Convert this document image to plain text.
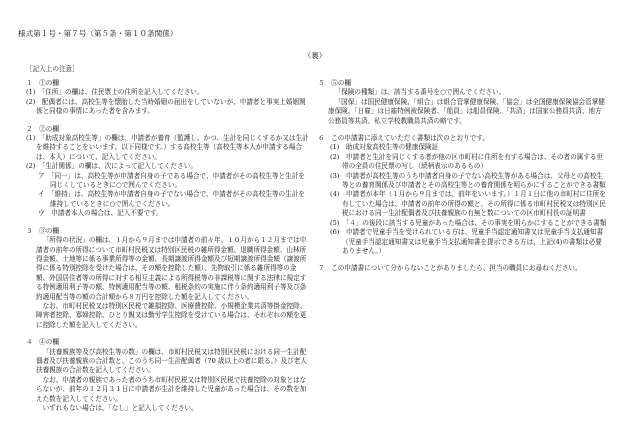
様式第１号・第７号（第５条・第１０条関係）
（裏）
［記入上の注意］
１　①の欄
(1)　「住所」の欄は、住民票上の住所を記入してください。
(2)　配偶者には、高校生等を懐胎した当時婚姻の届出をしていないが、申請者と事実上婚姻関係と同様の事情にあった者を含みます。
２　②の欄
(1)　「助成対象高校生等」の欄は、申請者が養育（監護し、かつ、生計を同じくするか又は生計を維持することをいいます。以下同様です。）する高校生等（高校生等本人が申請する場合は、本人）について、記入してください。
(2)　「生計関係」の欄は、次によって記入してください。
ア　「同一」は、高校生等が申請者自身の子である場合で、申請者がその高校生等と生計を同じくしているときに○で囲んでください。
イ　「維持」は、高校生等が申請者自身の子でない場合で、申請者がその高校生等の生計を維持しているときに○で囲んでください。
ウ　申請者本人の場合は、記入不要です。
３　③の欄
「所得の状況」の欄は、１月から９月までは申請者の前々年、１０月から１２月までは申請者の前年の所得について市町村民税又は特別区民税の雑所得金額、退職所得金額、山林所得金額、土地等に係る事業所得等の金額、長期譲渡所得金額及び短期譲渡所得金額（譲渡所得に係る特別控除を受けた場合は、その額を控除した額）、先物取引に係る雑所得等の金額、外国居住者等の所得に対する相互主義による所得税等の非課税等に関する法律に規定する特例適用利子等の額、特例適用配当等の額、租税条約の実施に伴う条約適用利子等及び条約適用配当等の額の合計額から８万円を控除した額を記入してください。
なお、市町村民税又は特別区民税で雑損控除、医療費控除、小規模企業共済等掛金控除、障害者控除、寡婦控除、ひとり親又は勤労学生控除を受けている場合は、それぞれの額を更に控除した額を記入してください。
４　④の欄
「扶養親族等及び高校生等の数」の欄は、市町村民税又は特別区民税における同一生計配偶者及び扶養親族の合計数と、このうち同一生計配偶者（70 歳以上の者に限る。）及び老人扶養親族の合計数を記入してください。
なお、申請者の親族であった者のうち市町村民税又は特別区民税で扶養控除の対象とはならないが、前年の１２月３１日に申請者が生計を維持した児童があった場合は、その数を加えた数を記入してください。
いずれもない場合は、「なし」と記入してください。
５　⑤の欄
「保険の種類」は、該当する番号を○で囲んでください。
「国保」は国民健康保険、「組合」は組合管掌健康保険、「協会」は全国健康保険協会管掌健康保険、「日雇」は日雇特例被保険者、「船員」は船員保険、「共済」は国家公務員共済、地方公務員等共済、私立学校教職員共済の略です。
６　この申請書に添えていただく書類は次のとおりです。
(1)　助成対象高校生等の健康保険証
(2)　申請者と生計を同じくする者が他の区市町村に住所を有する場合は、その者の属する世帯の全員の住民票の写し（続柄表示のあるもの）
(3)　申請者が高校生等のうち申請者自身の子でない高校生等がある場合は、父母との高校生等との養育関係及び申請者とその高校生等との養育関係を明らかにすることができる書類
(4)　申請者が本年（１月から９月までは、前年をいいます。）１月１日に他の市町村に住所を有していた場合は、申請者の前年の所得の額と、その所得に係る市町村民税又は特別区民税における同一生計配偶者及び扶養親族の有無と数についての区市町村長の証明書
(5)　「４」の後段に該当する児童があった場合は、その事実を明らかにすることができる書類
(6)　申請者で児童手当を受けられている方は、児童手当認定通知書又は児童手当支払通知書（児童手当認定通知書又は児童手当支払通知書を提示できる方は、上記(4)の書類は必要ありません。）
７　この申請書について分からないことがありましたら、担当の職員にお尋ねください。
